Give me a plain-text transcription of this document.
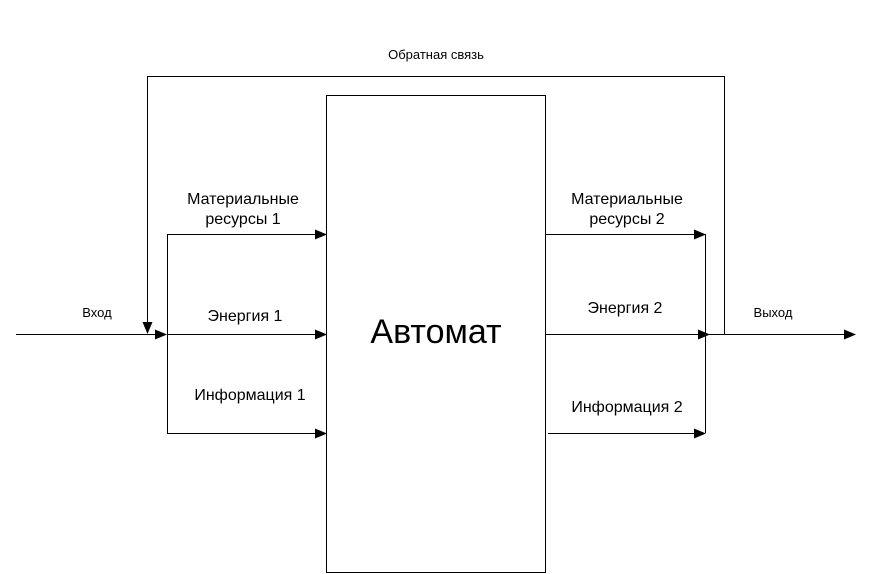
Обратная связь
Вход	Выход
Автомат
Материальные
ресурсы 1
Энергия 1
Информация 1
Материальные
ресурсы 2
Энергия 2
Информация 2
